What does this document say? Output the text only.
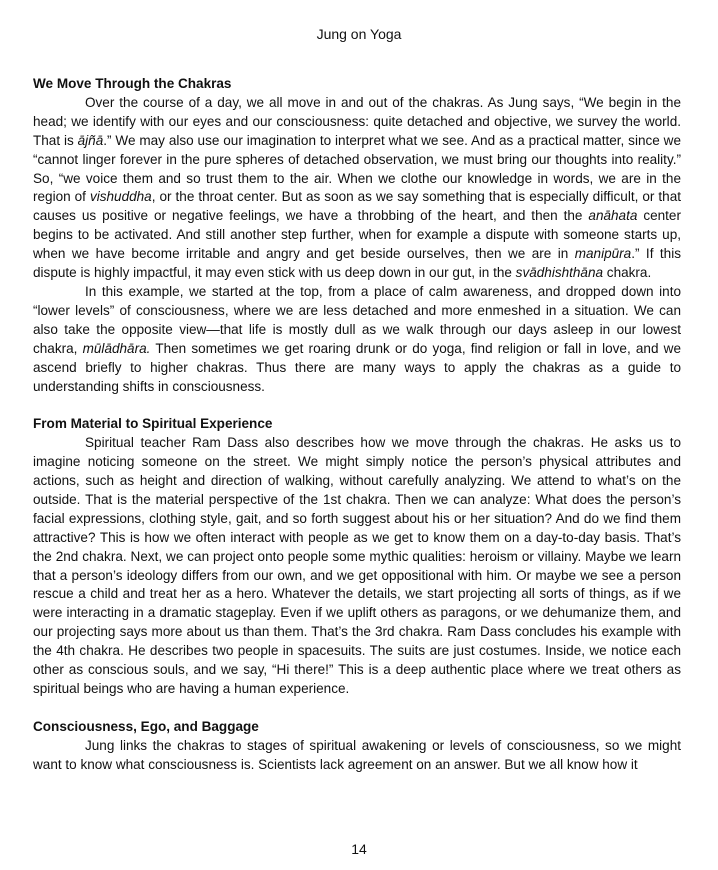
Jung on Yoga
We Move Through the Chakras

Over the course of a day, we all move in and out of the chakras. As Jung says, “We begin in the head; we identify with our eyes and our consciousness: quite detached and objective, we survey the world. That is ājñā.” We may also use our imagination to interpret what we see. And as a practical matter, since we “cannot linger forever in the pure spheres of detached observation, we must bring our thoughts into reality.” So, “we voice them and so trust them to the air. When we clothe our knowledge in words, we are in the region of vishuddha, or the throat center. But as soon as we say something that is especially difficult, or that causes us positive or negative feelings, we have a throbbing of the heart, and then the anāhata center begins to be activated. And still another step further, when for example a dispute with someone starts up, when we have become irritable and angry and get beside ourselves, then we are in manipūra.” If this dispute is highly impactful, it may even stick with us deep down in our gut, in the svādhishthāna chakra.

In this example, we started at the top, from a place of calm awareness, and dropped down into “lower levels” of consciousness, where we are less detached and more enmeshed in a situation. We can also take the opposite view—that life is mostly dull as we walk through our days asleep in our lowest chakra, mūlādhāra. Then sometimes we get roaring drunk or do yoga, find religion or fall in love, and we ascend briefly to higher chakras. Thus there are many ways to apply the chakras as a guide to understanding shifts in consciousness.

From Material to Spiritual Experience

Spiritual teacher Ram Dass also describes how we move through the chakras. He asks us to imagine noticing someone on the street. We might simply notice the person’s physical attributes and actions, such as height and direction of walking, without carefully analyzing. We attend to what’s on the outside. That is the material perspective of the 1st chakra. Then we can analyze: What does the person’s facial expressions, clothing style, gait, and so forth suggest about his or her situation? And do we find them attractive? This is how we often interact with people as we get to know them on a day-to-day basis. That’s the 2nd chakra. Next, we can project onto people some mythic qualities: heroism or villainy. Maybe we learn that a person’s ideology differs from our own, and we get oppositional with him. Or maybe we see a person rescue a child and treat her as a hero. Whatever the details, we start projecting all sorts of things, as if we were interacting in a dramatic stageplay. Even if we uplift others as paragons, or we dehumanize them, and our projecting says more about us than them. That’s the 3rd chakra. Ram Dass concludes his example with the 4th chakra. He describes two people in spacesuits. The suits are just costumes. Inside, we notice each other as conscious souls, and we say, “Hi there!” This is a deep authentic place where we treat others as spiritual beings who are having a human experience.

Consciousness, Ego, and Baggage

Jung links the chakras to stages of spiritual awakening or levels of consciousness, so we might want to know what consciousness is. Scientists lack agreement on an answer. But we all know how it

14
